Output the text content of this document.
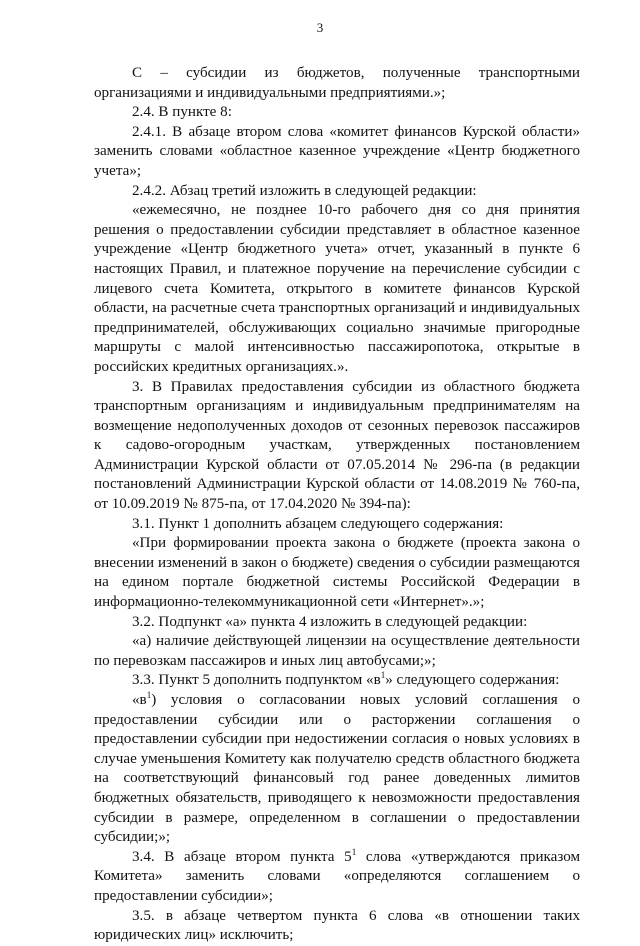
3

С – субсидии из бюджетов, полученные транспортными организациями и индивидуальными предприятиями.»;

2.4. В пункте 8:

2.4.1. В абзаце втором слова «комитет финансов Курской области» заменить словами «областное казенное учреждение «Центр бюджетного учета»;

2.4.2. Абзац третий изложить в следующей редакции:

«ежемесячно, не позднее 10-го рабочего дня со дня принятия решения о предоставлении субсидии представляет в областное казенное учреждение «Центр бюджетного учета» отчет, указанный в пункте 6 настоящих Правил, и платежное поручение на перечисление субсидии с лицевого счета Комитета, открытого в комитете финансов Курской области, на расчетные счета транспортных организаций и индивидуальных предпринимателей, обслуживающих социально значимые пригородные маршруты с малой интенсивностью пассажиропотока, открытые в российских кредитных организациях.».

3. В Правилах предоставления субсидии из областного бюджета транспортным организациям и индивидуальным предпринимателям на возмещение недополученных доходов от сезонных перевозок пассажиров к садово-огородным участкам, утвержденных постановлением Администрации Курской области от 07.05.2014 № 296-па (в редакции постановлений Администрации Курской области от 14.08.2019 № 760-па, от 10.09.2019 № 875-па, от 17.04.2020 № 394-па):

3.1. Пункт 1 дополнить абзацем следующего содержания:

«При формировании проекта закона о бюджете (проекта закона о внесении изменений в закон о бюджете) сведения о субсидии размещаются на едином портале бюджетной системы Российской Федерации в информационно-телекоммуникационной сети «Интернет».»;

3.2. Подпункт «а» пункта 4 изложить в следующей редакции:

«а) наличие действующей лицензии на осуществление деятельности по перевозкам пассажиров и иных лиц автобусами;»;

3.3. Пункт 5 дополнить подпунктом «$в^1$» следующего содержания:

«$в^1$) условия о согласовании новых условий соглашения о предоставлении субсидии или о расторжении соглашения о предоставлении субсидии при недостижении согласия о новых условиях в случае уменьшения Комитету как получателю средств областного бюджета на соответствующий финансовый год ранее доведенных лимитов бюджетных обязательств, приводящего к невозможности предоставления субсидии в размере, определенном в соглашении о предоставлении субсидии;»;

3.4. В абзаце втором пункта $5^1$ слова «утверждаются приказом Комитета» заменить словами «определяются соглашением о предоставлении субсидии»;

3.5. в абзаце четвертом пункта 6 слова «в отношении таких юридических лиц» исключить;
